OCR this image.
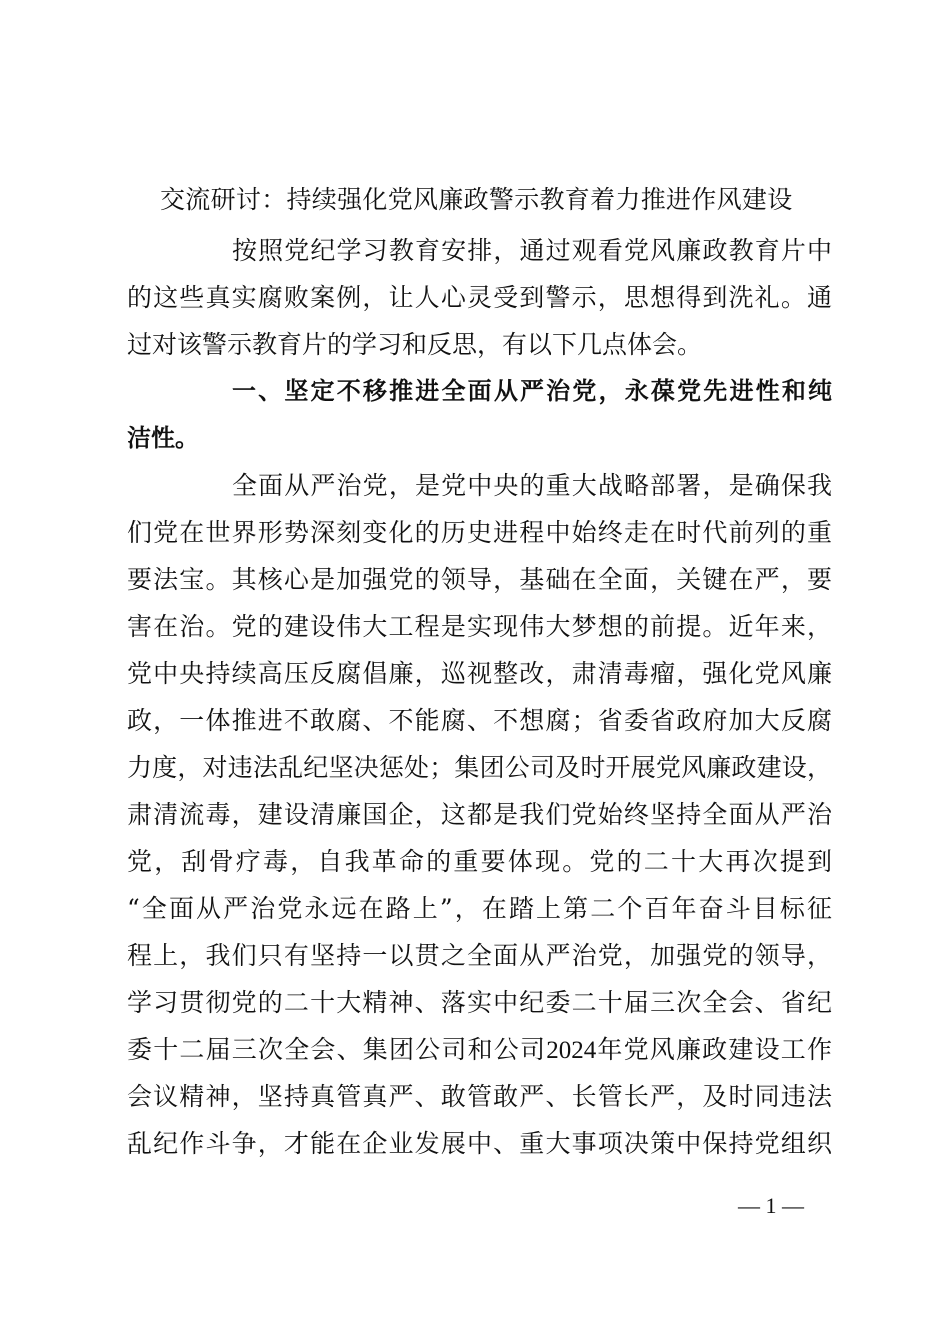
交流研讨：持续强化党风廉政警示教育着力推进作风建设
按照党纪学习教育安排，通过观看党风廉政教育片中
的这些真实腐败案例，让人心灵受到警示，思想得到洗礼。通
过对该警示教育片的学习和反思，有以下几点体会。
一、坚定不移推进全面从严治党，永葆党先进性和纯
洁性。
全面从严治党，是党中央的重大战略部署，是确保我
们党在世界形势深刻变化的历史进程中始终走在时代前列的重
要法宝。其核心是加强党的领导，基础在全面，关键在严，要
害在治。党的建设伟大工程是实现伟大梦想的前提。近年来，
党中央持续高压反腐倡廉，巡视整改，肃清毒瘤，强化党风廉
政，一体推进不敢腐、不能腐、不想腐；省委省政府加大反腐
力度，对违法乱纪坚决惩处；集团公司及时开展党风廉政建设，
肃清流毒，建设清廉国企，这都是我们党始终坚持全面从严治
党，刮骨疗毒，自我革命的重要体现。党的二十大再次提到
“全面从严治党永远在路上”，在踏上第二个百年奋斗目标征
程上，我们只有坚持一以贯之全面从严治党，加强党的领导，
学习贯彻党的二十大精神、落实中纪委二十届三次全会、省纪
委十二届三次全会、集团公司和公司2024年党风廉政建设工作
会议精神，坚持真管真严、敢管敢严、长管长严，及时同违法
乱纪作斗争，才能在企业发展中、重大事项决策中保持党组织
— 1 —
